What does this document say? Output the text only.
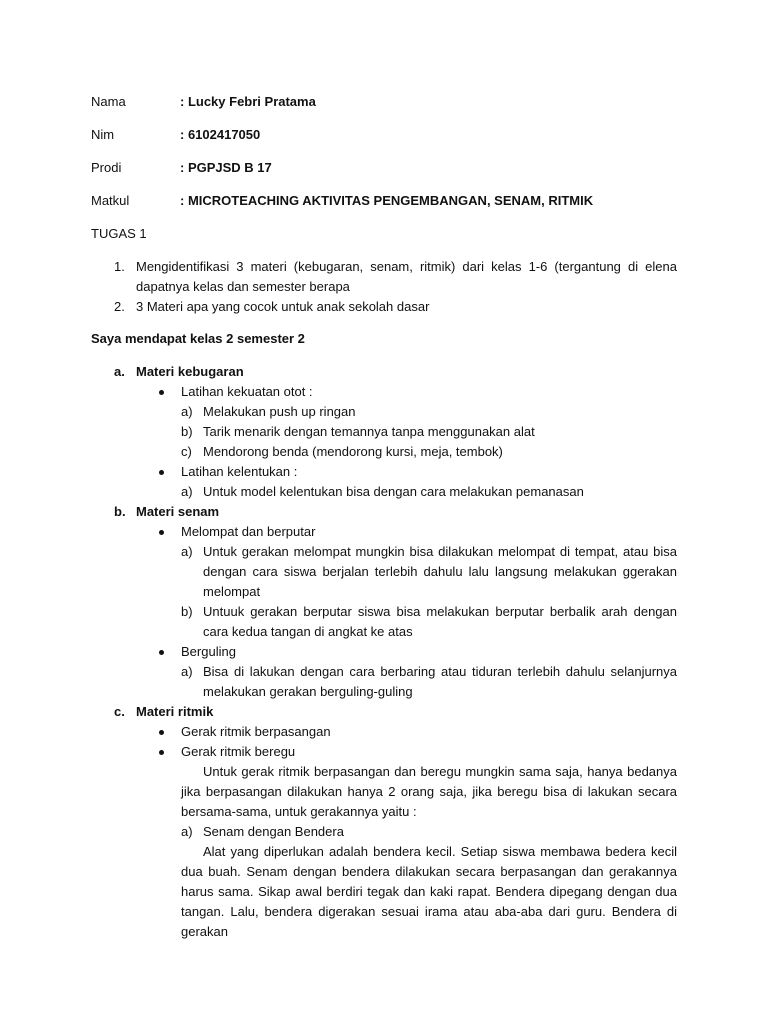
Nama	: Lucky Febri Pratama
Nim	: 6102417050
Prodi	: PGPJSD B 17
Matkul	: MICROTEACHING AKTIVITAS PENGEMBANGAN, SENAM, RITMIK
TUGAS 1
1. Mengidentifikasi 3 materi (kebugaran, senam, ritmik) dari kelas 1-6 (tergantung di elena dapatnya kelas dan semester berapa
2. 3 Materi apa yang cocok untuk anak sekolah dasar
Saya mendapat kelas 2 semester 2
a. Materi kebugaran
Latihan kekuatan otot :
a) Melakukan push up ringan
b) Tarik menarik dengan temannya tanpa menggunakan alat
c) Mendorong benda (mendorong kursi, meja, tembok)
Latihan kelentukan :
a) Untuk model kelentukan bisa dengan cara melakukan pemanasan
b. Materi senam
Melompat dan berputar
a) Untuk gerakan melompat mungkin bisa dilakukan melompat di tempat, atau bisa dengan cara siswa berjalan terlebih dahulu lalu langsung melakukan ggerakan melompat
b) Untuuk gerakan berputar siswa bisa melakukan berputar berbalik arah dengan cara kedua tangan di angkat ke atas
Berguling
a) Bisa di lakukan dengan cara berbaring atau tiduran terlebih dahulu selanjurnya melakukan gerakan berguling-guling
c. Materi ritmik
Gerak ritmik berpasangan
Gerak ritmik beregu
Untuk gerak ritmik berpasangan dan beregu mungkin sama saja, hanya bedanya jika berpasangan dilakukan hanya 2 orang saja, jika beregu bisa di lakukan secara bersama-sama, untuk gerakannya yaitu :
a) Senam dengan Bendera
Alat yang diperlukan adalah bendera kecil. Setiap siswa membawa bedera kecil dua buah. Senam dengan bendera dilakukan secara berpasangan dan gerakannya harus sama. Sikap awal berdiri tegak dan kaki rapat. Bendera dipegang dengan dua tangan. Lalu, bendera digerakan sesuai irama atau aba-aba dari guru. Bendera di gerakan
